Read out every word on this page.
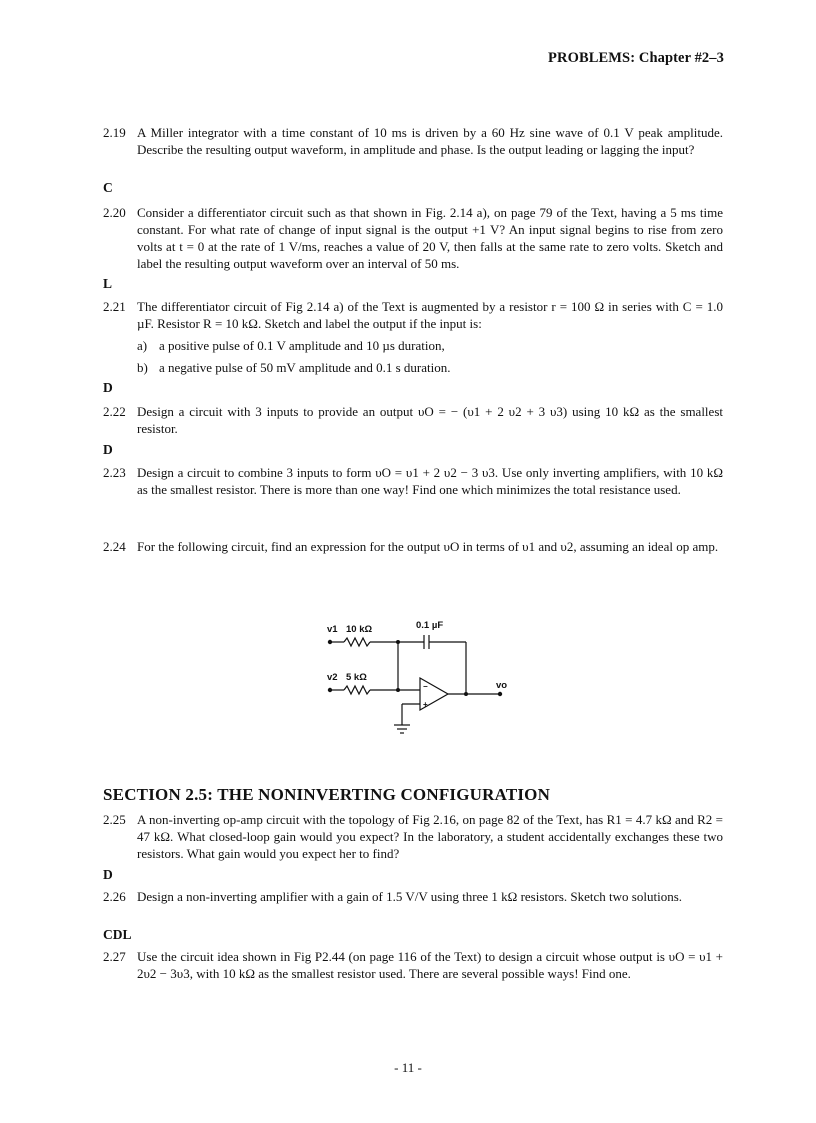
PROBLEMS: Chapter #2–3
2.19 A Miller integrator with a time constant of 10 ms is driven by a 60 Hz sine wave of 0.1 V peak amplitude. Describe the resulting output waveform, in amplitude and phase. Is the output leading or lagging the input?
C
2.20 Consider a differentiator circuit such as that shown in Fig. 2.14 a), on page 79 of the Text, having a 5 ms time constant. For what rate of change of input signal is the output +1 V? An input signal begins to rise from zero volts at t = 0 at the rate of 1 V/ms, reaches a value of 20 V, then falls at the same rate to zero volts. Sketch and label the resulting output waveform over an interval of 50 ms.
L
2.21 The differentiator circuit of Fig 2.14 a) of the Text is augmented by a resistor r = 100 Ω in series with C = 1.0 µF. Resistor R = 10 kΩ. Sketch and label the output if the input is:
a) a positive pulse of 0.1 V amplitude and 10 µs duration,
b) a negative pulse of 50 mV amplitude and 0.1 s duration.
D
2.22 Design a circuit with 3 inputs to provide an output υO = − (υ1 + 2 υ2 + 3 υ3) using 10 kΩ as the smallest resistor.
D
2.23 Design a circuit to combine 3 inputs to form υO = υ1 + 2 υ2 − 3 υ3. Use only inverting amplifiers, with 10 kΩ as the smallest resistor. There is more than one way! Find one which minimizes the total resistance used.
2.24 For the following circuit, find an expression for the output υO in terms of υ1 and υ2, assuming an ideal op amp.
v1 10 kΩ	0.1 µF
v2 5 kΩ
vo
−
+
SECTION 2.5: THE NONINVERTING CONFIGURATION
2.25 A non-inverting op-amp circuit with the topology of Fig 2.16, on page 82 of the Text, has R1 = 4.7 kΩ and R2 = 47 kΩ. What closed-loop gain would you expect? In the laboratory, a student accidentally exchanges these two resistors. What gain would you expect her to find?
D
2.26 Design a non-inverting amplifier with a gain of 1.5 V/V using three 1 kΩ resistors. Sketch two solutions.
CDL
2.27 Use the circuit idea shown in Fig P2.44 (on page 116 of the Text) to design a circuit whose output is υO = υ1 + 2υ2 − 3υ3, with 10 kΩ as the smallest resistor used. There are several possible ways! Find one.
- 11 -
